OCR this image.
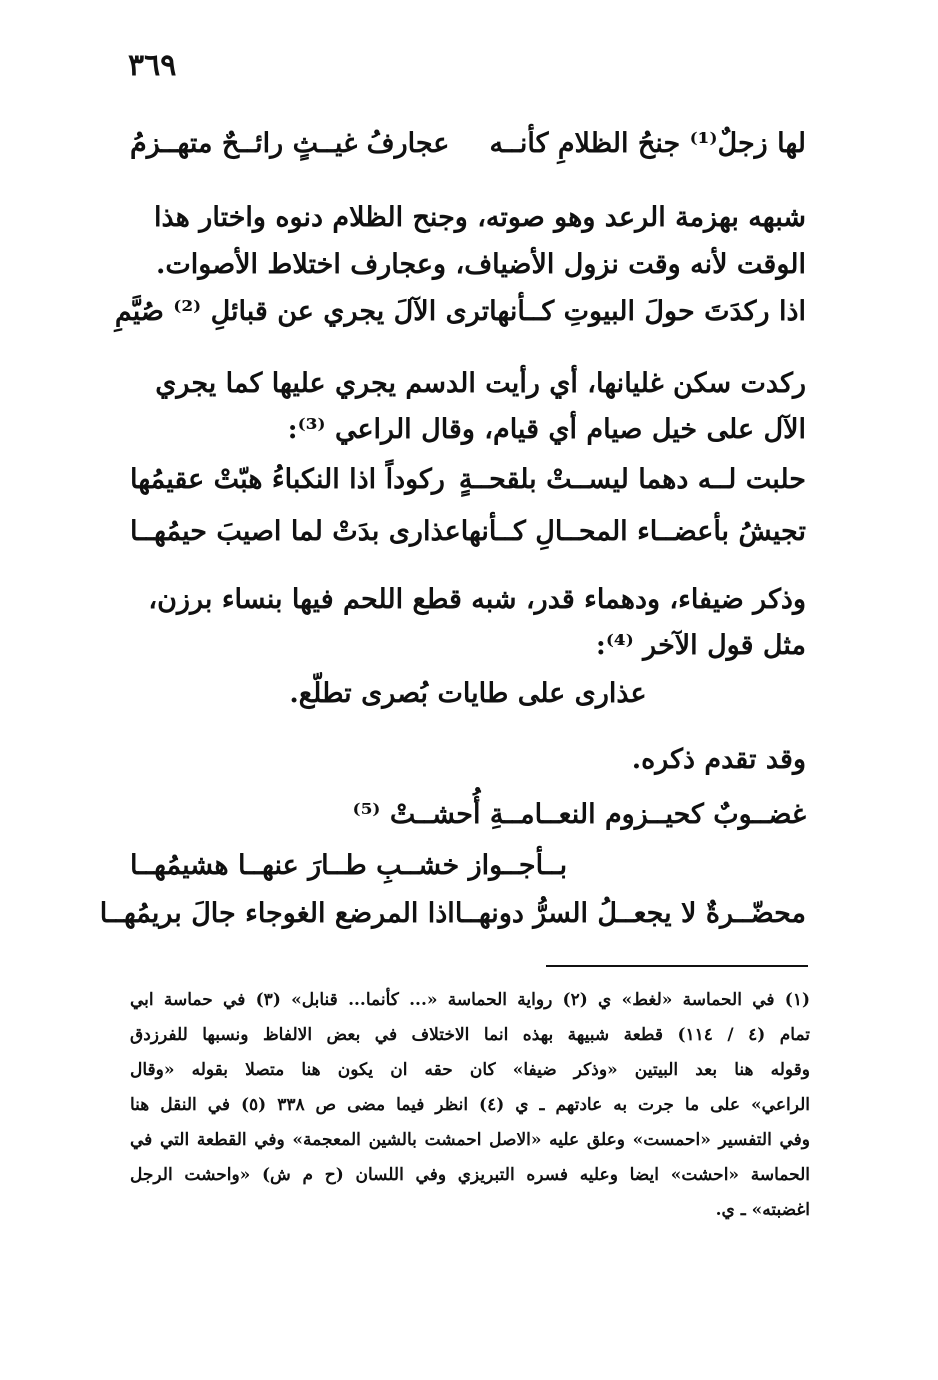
٣٦٩
لها زجلٌ⁽¹⁾ جنحُ الظلامِ كأنــه
عجارفُ غيــثٍ رائــحٌ متهــزمُ
شبهه بهزمة الرعد وهو صوته، وجنح الظلام دنوه واختار هذا
الوقت لأنه وقت نزول الأضياف، وعجارف اختلاط الأصوات.
اذا ركدَتَ حولَ البيوتِ كــأنها
ترى الآلَ يجري عن قبائلِ ⁽²⁾ صُيَّمِ
ركدت سكن غليانها، أي رأيت الدسم يجري عليها كما يجري
الآل على خيل صيام أي قيام، وقال الراعي ⁽³⁾:
حلبت لــه دهما ليســتْ بلقحــةٍ
ركوداً اذا النكباءُ هبّتْ عقيمُها
تجيشُ بأعضــاء المحــالِ كــأنها
عذارى بدَتْ لما اصيبَ حيمُهــا
وذكر ضيفاء، ودهماء قدر، شبه قطع اللحم فيها بنساء برزن،
مثل قول الآخر ⁽⁴⁾:
عذارى على طايات بُصرى تطلّع.
وقد تقدم ذكره.
غضــوبٌ كحيــزوم النعــامــةِ أُحشــتْ ⁽⁵⁾
بــأجــواز خشــبِ طــارَ عنهــا هشيمُهــا
محضّــرةٌ لا يجعــلُ السرُّ دونهــا
اذا المرضع الغوجاء جالَ بريمُهــا
(١) في الحماسة «لغط» ي (٢) رواية الحماسة «... كأنما... قنابل» (٣) في حماسة ابي
تمام (٤ / ١١٤) قطعة شبيهة بهذه انما الاختلاف في بعض الالفاظ ونسبها للفرزدق
وقوله هنا بعد البيتين «وذكر ضيفا» كان حقه ان يكون هنا متصلا بقوله «وقال
الراعي» على ما جرت به عادتهم ـ ي (٤) انظر فيما مضى ص ٣٣٨ (٥) في النقل هنا
وفي التفسير «احمست» وعلق عليه «الاصل احمشت بالشين المعجمة» وفي القطعة التي في
الحماسة «احشت» ايضا وعليه فسره التبريزي وفي اللسان (ح م ش) «واحشت الرجل
اغضبته» ـ ي.
